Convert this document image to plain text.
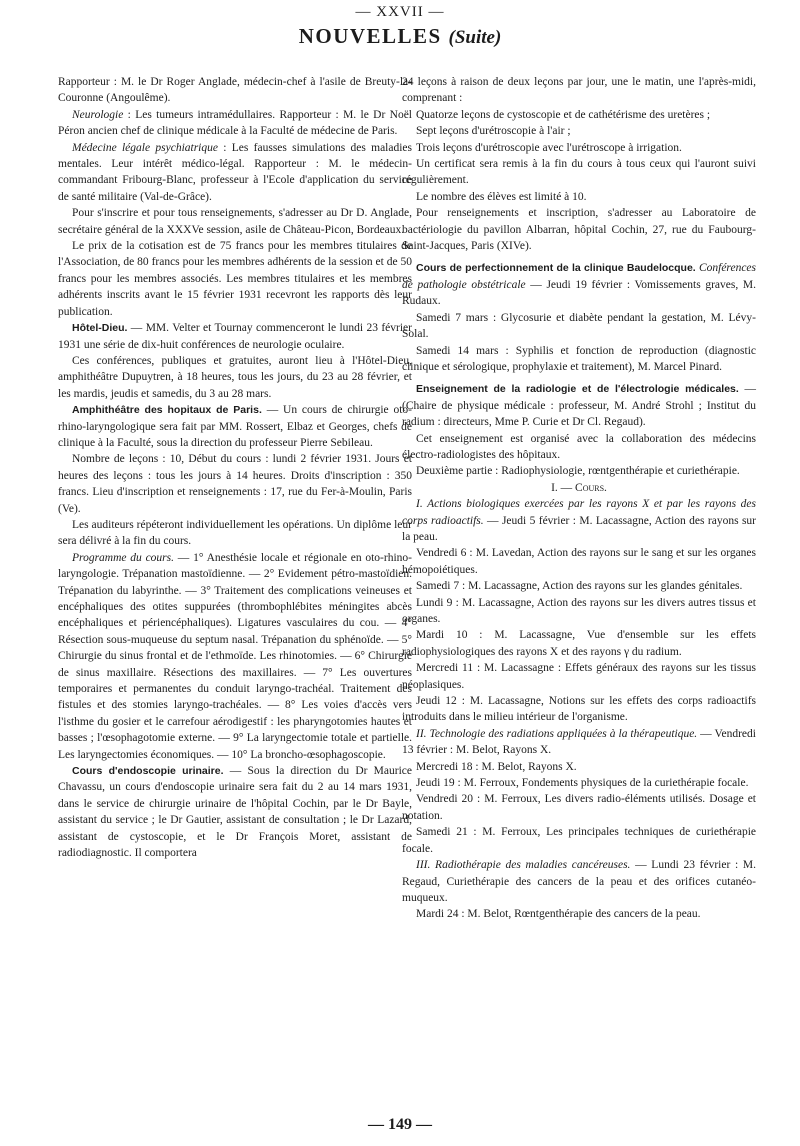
— XXVII —
NOUVELLES (Suite)

Rapporteur : M. le Dr Roger Anglade, médecin-chef à l'asile de Breuty-la-Couronne (Angoulême).

Neurologie : Les tumeurs intramédullaires. Rapporteur : M. le Dr Noël Péron ancien chef de clinique médicale à la Faculté de médecine de Paris.

Médecine légale psychiatrique : Les fausses simulations des maladies mentales. Leur intérêt médico-légal. Rapporteur : M. le médecin-commandant Fribourg-Blanc, professeur à l'Ecole d'application du service de santé militaire (Val-de-Grâce).

Pour s'inscrire et pour tous renseignements, s'adresser au Dr D. Anglade, secrétaire général de la XXXVe session, asile de Château-Picon, Bordeaux.

Le prix de la cotisation est de 75 francs pour les membres titulaires de l'Association, de 80 francs pour les membres adhérents de la session et de 50 francs pour les membres associés. Les membres titulaires et les membres adhérents inscrits avant le 15 février 1931 recevront les rapports dès leur publication.

Hôtel-Dieu. — MM. Velter et Tournay commenceront le lundi 23 février 1931 une série de dix-huit conférences de neurologie oculaire.

Ces conférences, publiques et gratuites, auront lieu à l'Hôtel-Dieu, amphithéâtre Dupuytren, à 18 heures, tous les jours, du 23 au 28 février, et les mardis, jeudis et samedis, du 3 au 28 mars.

Amphithéâtre des hopitaux de Paris. — Un cours de chirurgie oto-rhino-laryngologique sera fait par MM. Rossert, Elbaz et Georges, chefs de clinique à la Faculté, sous la direction du professeur Pierre Sebileau.

Nombre de leçons : 10, Début du cours : lundi 2 février 1931. Jours et heures des leçons : tous les jours à 14 heures. Droits d'inscription : 350 francs. Lieu d'inscription et renseignements : 17, rue du Fer-à-Moulin, Paris (Ve).

Les auditeurs répéteront individuellement les opérations. Un diplôme leur sera délivré à la fin du cours.

Programme du cours. — 1° Anesthésie locale et régionale en oto-rhino-laryngologie. Trépanation mastoïdienne. — 2° Evidement pétro-mastoïdien. Trépanation du labyrinthe. — 3° Traitement des complications veineuses et encéphaliques des otites suppurées (thrombophlébites méningites abcès encéphaliques et périencéphaliques). Ligatures vasculaires du cou. — 4° Résection sous-muqueuse du septum nasal. Trépanation du sphénoïde. — 5° Chirurgie du sinus frontal et de l'ethmoïde. Les rhinotomies. — 6° Chirurgie de sinus maxillaire. Résections des maxillaires. — 7° Les ouvertures temporaires et permanentes du conduit laryngo-trachéal. Traitement des fistules et des stomies laryngo-trachéales. — 8° Les voies d'accès vers l'isthme du gosier et le carrefour aérodigestif : les pharyngotomies hautes et basses ; l'œsophagotomie externe. — 9° La laryngectomie totale et partielle. Les laryngectomies économiques. — 10° La broncho-œsophagoscopie.

Cours d'endoscopie urinaire. — Sous la direction du Dr Maurice Chavassu, un cours d'endoscopie urinaire sera fait du 2 au 14 mars 1931, dans le service de chirurgie urinaire de l'hôpital Cochin, par le Dr Bayle, assistant du service ; le Dr Gautier, assistant de consultation ; le Dr Lazard, assistant de cystoscopie, et le Dr François Moret, assistant de radiodiagnostic. Il comportera

24 leçons à raison de deux leçons par jour, une le matin, une l'après-midi, comprenant :

Quatorze leçons de cystoscopie et de cathétérisme des uretères ;

Sept leçons d'urétroscopie à l'air ;

Trois leçons d'urétroscopie avec l'urétroscope à irrigation.

Un certificat sera remis à la fin du cours à tous ceux qui l'auront suivi régulièrement.

Le nombre des élèves est limité à 10.

Pour renseignements et inscription, s'adresser au Laboratoire de bactériologie du pavillon Albarran, hôpital Cochin, 27, rue du Faubourg-Saint-Jacques, Paris (XIVe).

Cours de perfectionnement de la clinique Baudelocque. Conférences de pathologie obstétricale — Jeudi 19 février : Vomissements graves, M. Rudaux.

Samedi 7 mars : Glycosurie et diabète pendant la gestation, M. Lévy-Solal.

Samedi 14 mars : Syphilis et fonction de reproduction (diagnostic clinique et sérologique, prophylaxie et traitement), M. Marcel Pinard.

Enseignement de la radiologie et de l'électrologie médicales. — (Chaire de physique médicale : professeur, M. André Strohl ; Institut du radium : directeurs, Mme P. Curie et Dr Cl. Regaud).

Cet enseignement est organisé avec la collaboration des médecins électro-radiologistes des hôpitaux.

Deuxième partie : Radiophysiologie, rœntgenthérapie et curiethérapie.

I. — Cours.

I. Actions biologiques exercées par les rayons X et par les rayons des corps radioactifs. — Jeudi 5 février : M. Lacassagne, Action des rayons sur la peau.

Vendredi 6 : M. Lavedan, Action des rayons sur le sang et sur les organes hémopoiétiques.

Samedi 7 : M. Lacassagne, Action des rayons sur les glandes génitales.

Lundi 9 : M. Lacassagne, Action des rayons sur les divers autres tissus et organes.

Mardi 10 : M. Lacassagne, Vue d'ensemble sur les effets radiophysiologiques des rayons X et des rayons γ du radium.

Mercredi 11 : M. Lacassagne : Effets généraux des rayons sur les tissus néoplasiques.

Jeudi 12 : M. Lacassagne, Notions sur les effets des corps radioactifs introduits dans le milieu intérieur de l'organisme.

II. Technologie des radiations appliquées à la thérapeutique. — Vendredi 13 février : M. Belot, Rayons X.

Mercredi 18 : M. Belot, Rayons X.

Jeudi 19 : M. Ferroux, Fondements physiques de la curiethérapie focale.

Vendredi 20 : M. Ferroux, Les divers radio-éléments utilisés. Dosage et notation.

Samedi 21 : M. Ferroux, Les principales techniques de curiethérapie focale.

III. Radiothérapie des maladies cancéreuses. — Lundi 23 février : M. Regaud, Curiethérapie des cancers de la peau et des orifices cutanéo-muqueux.

Mardi 24 : M. Belot, Rœntgenthérapie des cancers de la peau.

— 149 —
